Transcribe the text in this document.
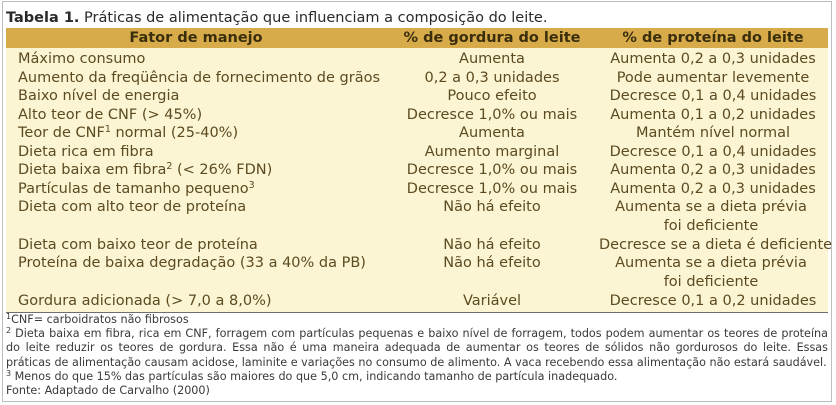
Tabela 1. Práticas de alimentação que influenciam a composição do leite.
Fator de manejo	% de gordura do leite	% de proteína do leite
Máximo consumo	Aumenta	Aumenta 0,2 a 0,3 unidades
Aumento da freqüência de fornecimento de grãos	0,2 a 0,3 unidades	Pode aumentar levemente
Baixo nível de energia	Pouco efeito	Decresce 0,1 a 0,4 unidades
Alto teor de CNF (> 45%)	Decresce 1,0% ou mais	Aumenta 0,1 a 0,2 unidades
Teor de CNF$^1$ normal (25-40%)	Aumenta	Mantém nível normal
Dieta rica em fibra	Aumento marginal	Decresce 0,1 a 0,4 unidades
Dieta baixa em fibra$^2$ (< 26% FDN)	Decresce 1,0% ou mais	Aumenta 0,2 a 0,3 unidades
Partículas de tamanho pequeno$^3$	Decresce 1,0% ou mais	Aumenta 0,2 a 0,3 unidades
Dieta com alto teor de proteína	Não há efeito	Aumenta se a dieta prévia foi deficiente
Dieta com baixo teor de proteína	Não há efeito	Decresce se a dieta é deficiente
Proteína de baixa degradação (33 a 40% da PB)	Não há efeito	Aumenta se a dieta prévia foi deficiente
Gordura adicionada (> 7,0 a 8,0%)	Variável	Decresce 0,1 a 0,2 unidades
$^1$CNF= carboidratos não fibrosos
$^2$ Dieta baixa em fibra, rica em CNF, forragem com partículas pequenas e baixo nível de forragem, todos podem aumentar os teores de proteína do leite reduzir os teores de gordura. Essa não é uma maneira adequada de aumentar os teores de sólidos não gordurosos do leite. Essas práticas de alimentação causam acidose, laminite e variações no consumo de alimento. A vaca recebendo essa alimentação não estará saudável.
$^3$ Menos do que 15% das partículas são maiores do que 5,0 cm, indicando tamanho de partícula inadequado.
Fonte: Adaptado de Carvalho (2000)
